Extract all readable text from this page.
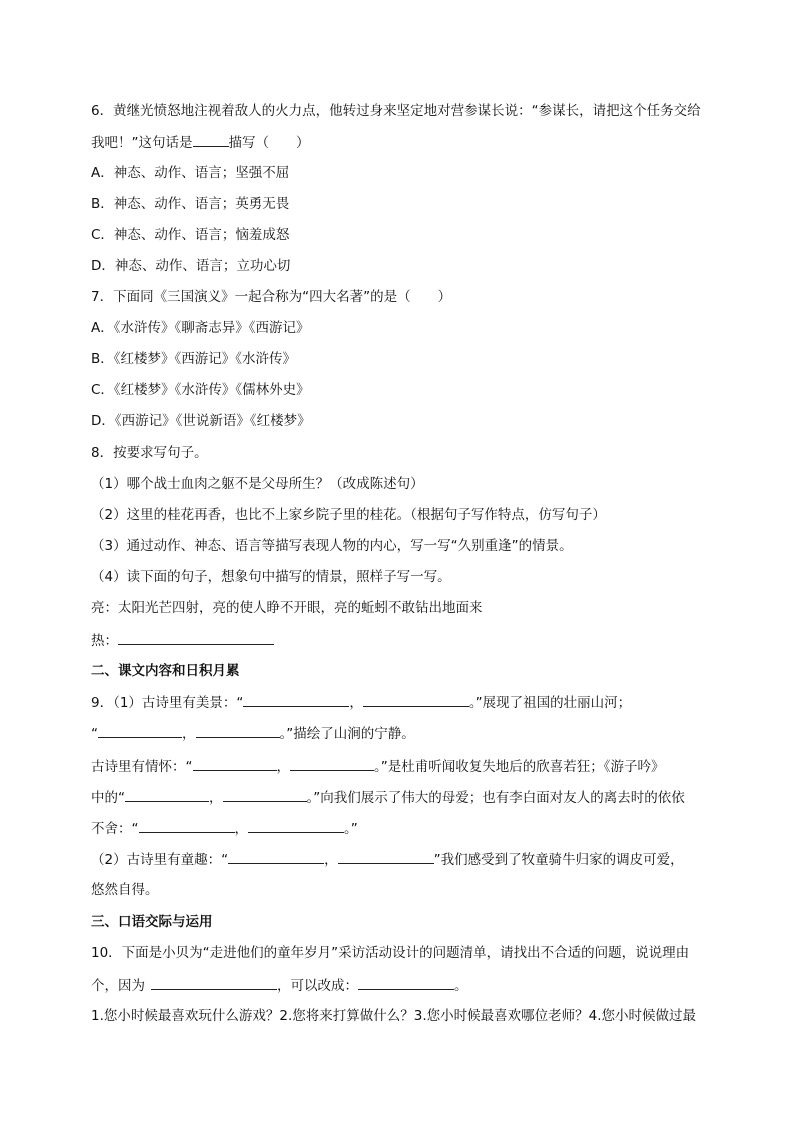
6．黄继光愤怒地注视着敌人的火力点，他转过身来坚定地对营参谋长说：“参谋长，请把这个任务交给
我吧！”这句话是	描写（　　）
A．神态、动作、语言；坚强不屈
B．神态、动作、语言；英勇无畏
C．神态、动作、语言；恼羞成怒
D．神态、动作、语言；立功心切
7．下面同《三国演义》一起合称为“四大名著”的是（　　）
A．《水浒传》《聊斋志异》《西游记》
B．《红楼梦》《西游记》《水浒传》
C．《红楼梦》《水浒传》《儒林外史》
D．《西游记》《世说新语》《红楼梦》
8．按要求写句子。
（1）哪个战士血肉之躯不是父母所生？（改成陈述句）
（2）这里的桂花再香，也比不上家乡院子里的桂花。（根据句子写作特点，仿写句子）
（3）通过动作、神态、语言等描写表现人物的内心，写一写“久别重逢”的情景。
（4）读下面的句子，想象句中描写的情景，照样子写一写。
亮：太阳光芒四射，亮的使人睁不开眼，亮的蚯蚓不敢钻出地面来
热：
二、课文内容和日积月累
9．（1）古诗里有美景：“	，	。”展现了祖国的壮丽山河；
“	，	。”描绘了山涧的宁静。
古诗里有情怀：“	，	。”是杜甫听闻收复失地后的欣喜若狂；《游子吟》
中的“	，	。”向我们展示了伟大的母爱；也有李白面对友人的离去时的依依
不舍：“	，	。”
（2）古诗里有童趣：“	，	”我们感受到了牧童骑牛归家的调皮可爱，
悠然自得。
三、口语交际与运用
10．下面是小贝为“走进他们的童年岁月”采访活动设计的问题清单，请找出不合适的问题，说说理由
个，因为	，可以改成：	。
1.您小时候最喜欢玩什么游戏？2.您将来打算做什么？3.您小时候最喜欢哪位老师？4.您小时候做过最
